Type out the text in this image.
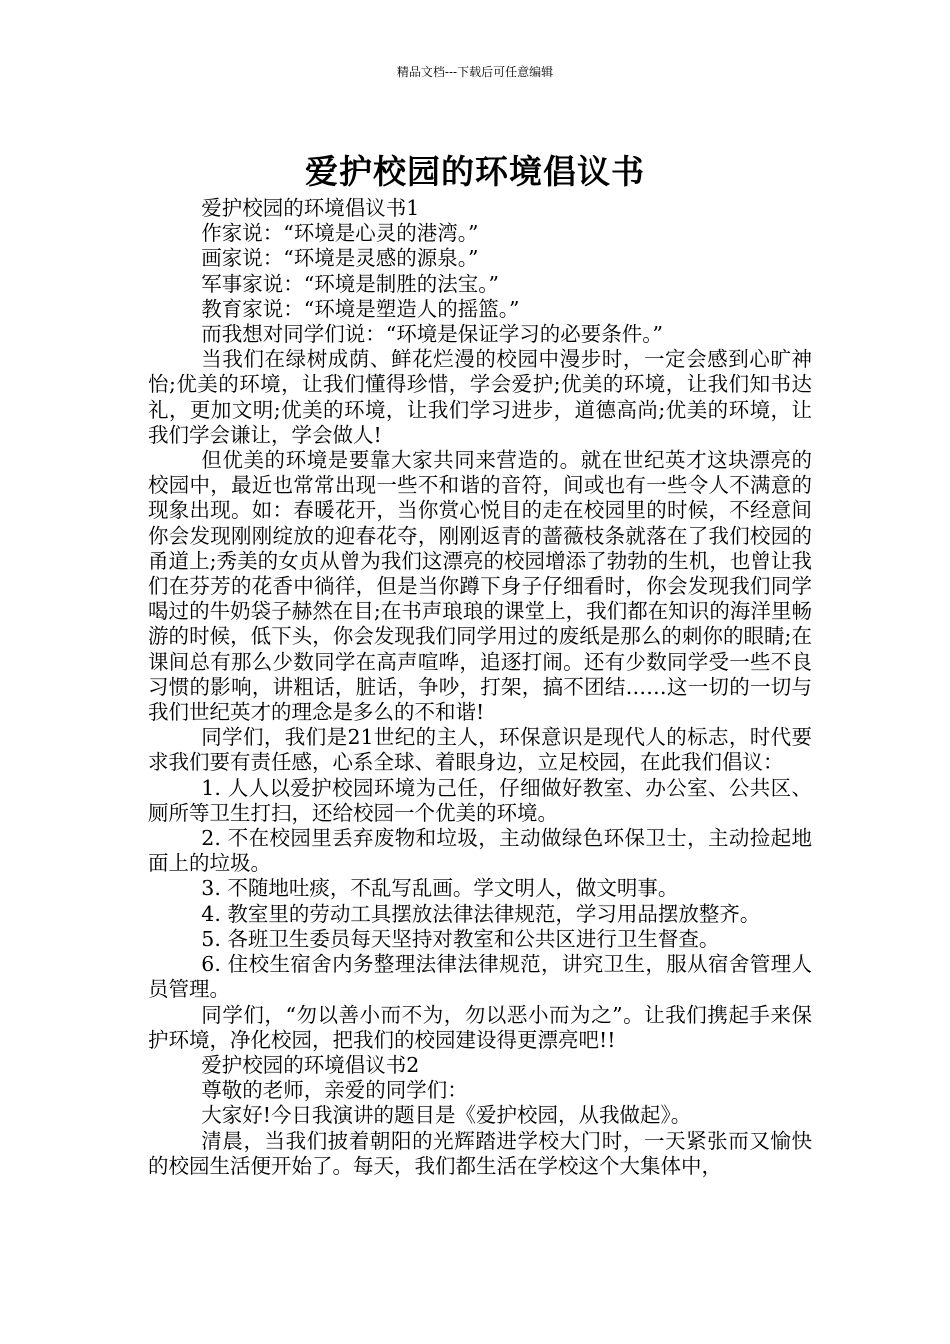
精品文档---下载后可任意编辑
爱护校园的环境倡议书

爱护校园的环境倡议书1

作家说：“环境是心灵的港湾。”

画家说：“环境是灵感的源泉。”

军事家说：“环境是制胜的法宝。”

教育家说：“环境是塑造人的摇篮。”

而我想对同学们说：“环境是保证学习的必要条件。”

当我们在绿树成荫、鲜花烂漫的校园中漫步时，一定会感到心旷神怡;优美的环境，让我们懂得珍惜，学会爱护;优美的环境，让我们知书达礼，更加文明;优美的环境，让我们学习进步，道德高尚;优美的环境，让我们学会谦让，学会做人!

但优美的环境是要靠大家共同来营造的。就在世纪英才这块漂亮的校园中，最近也常常出现一些不和谐的音符，间或也有一些令人不满意的现象出现。如：春暖花开，当你赏心悦目的走在校园里的时候，不经意间你会发现刚刚绽放的迎春花夺，刚刚返青的蔷薇枝条就落在了我们校园的甬道上;秀美的女贞从曾为我们这漂亮的校园增添了勃勃的生机，也曾让我们在芬芳的花香中徜徉，但是当你蹲下身子仔细看时，你会发现我们同学喝过的牛奶袋子赫然在目;在书声琅琅的课堂上，我们都在知识的海洋里畅游的时候，低下头，你会发现我们同学用过的废纸是那么的刺你的眼睛;在课间总有那么少数同学在高声喧哗，追逐打闹。还有少数同学受一些不良习惯的影响，讲粗话，脏话，争吵，打架，搞不团结……这一切的一切与我们世纪英才的理念是多么的不和谐!

同学们，我们是21世纪的主人，环保意识是现代人的标志，时代要求我们要有责任感，心系全球、着眼身边，立足校园，在此我们倡议：

1. 人人以爱护校园环境为己任，仔细做好教室、办公室、公共区、厕所等卫生打扫，还给校园一个优美的环境。

2. 不在校园里丢弃废物和垃圾，主动做绿色环保卫士，主动捡起地面上的垃圾。

3. 不随地吐痰，不乱写乱画。学文明人，做文明事。

4. 教室里的劳动工具摆放法律法律规范，学习用品摆放整齐。

5. 各班卫生委员每天坚持对教室和公共区进行卫生督查。

6. 住校生宿舍内务整理法律法律规范，讲究卫生，服从宿舍管理人员管理。

同学们，“勿以善小而不为，勿以恶小而为之”。让我们携起手来保护环境，净化校园，把我们的校园建设得更漂亮吧!!

爱护校园的环境倡议书2

尊敬的老师，亲爱的同学们：

大家好!今日我演讲的题目是《爱护校园，从我做起》。

清晨，当我们披着朝阳的光辉踏进学校大门时，一天紧张而又愉快的校园生活便开始了。每天，我们都生活在学校这个大集体中，
